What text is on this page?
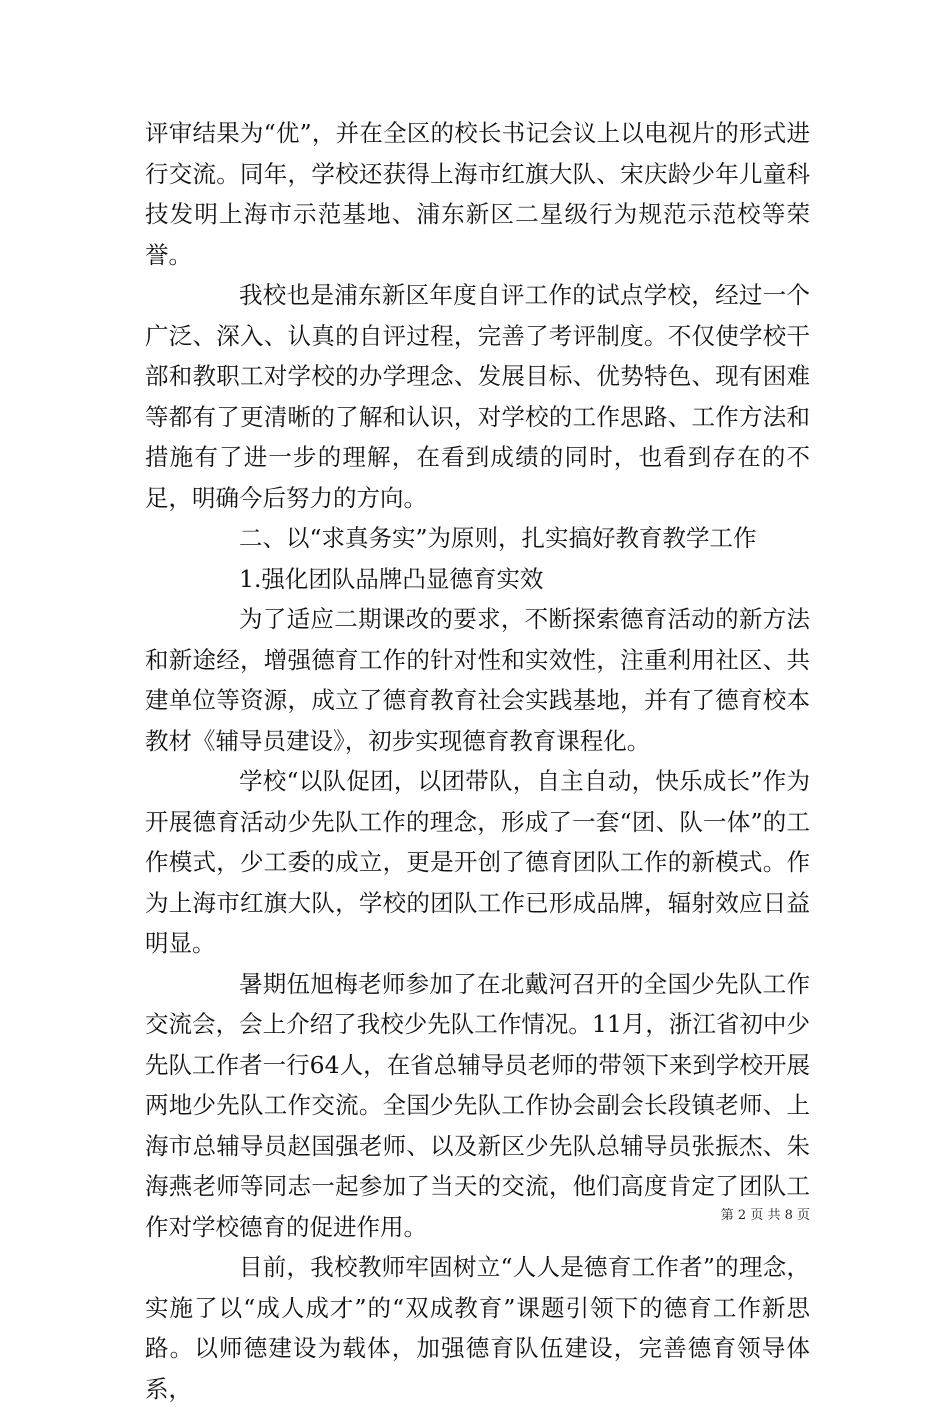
评审结果为“优”，并在全区的校长书记会议上以电视片的形式进行交流。同年，学校还获得上海市红旗大队、宋庆龄少年儿童科技发明上海市示范基地、浦东新区二星级行为规范示范校等荣誉。

我校也是浦东新区年度自评工作的试点学校，经过一个广泛、深入、认真的自评过程，完善了考评制度。不仅使学校干部和教职工对学校的办学理念、发展目标、优势特色、现有困难等都有了更清晰的了解和认识，对学校的工作思路、工作方法和措施有了进一步的理解，在看到成绩的同时，也看到存在的不足，明确今后努力的方向。

二、以“求真务实”为原则，扎实搞好教育教学工作

1.强化团队品牌凸显德育实效

为了适应二期课改的要求，不断探索德育活动的新方法和新途经，增强德育工作的针对性和实效性，注重利用社区、共建单位等资源，成立了德育教育社会实践基地，并有了德育校本教材《辅导员建设》，初步实现德育教育课程化。

学校“以队促团，以团带队，自主自动，快乐成长”作为开展德育活动少先队工作的理念，形成了一套“团、队一体”的工作模式，少工委的成立，更是开创了德育团队工作的新模式。作为上海市红旗大队，学校的团队工作已形成品牌，辐射效应日益明显。

暑期伍旭梅老师参加了在北戴河召开的全国少先队工作交流会，会上介绍了我校少先队工作情况。11月，浙江省初中少先队工作者一行64人，在省总辅导员老师的带领下来到学校开展两地少先队工作交流。全国少先队工作协会副会长段镇老师、上海市总辅导员赵国强老师、以及新区少先队总辅导员张振杰、朱海燕老师等同志一起参加了当天的交流，他们高度肯定了团队工作对学校德育的促进作用。

目前，我校教师牢固树立“人人是德育工作者”的理念，实施了以“成人成才”的“双成教育”课题引领下的德育工作新思路。以师德建设为载体，加强德育队伍建设，完善德育领导体系，

第 2 页 共 8 页
